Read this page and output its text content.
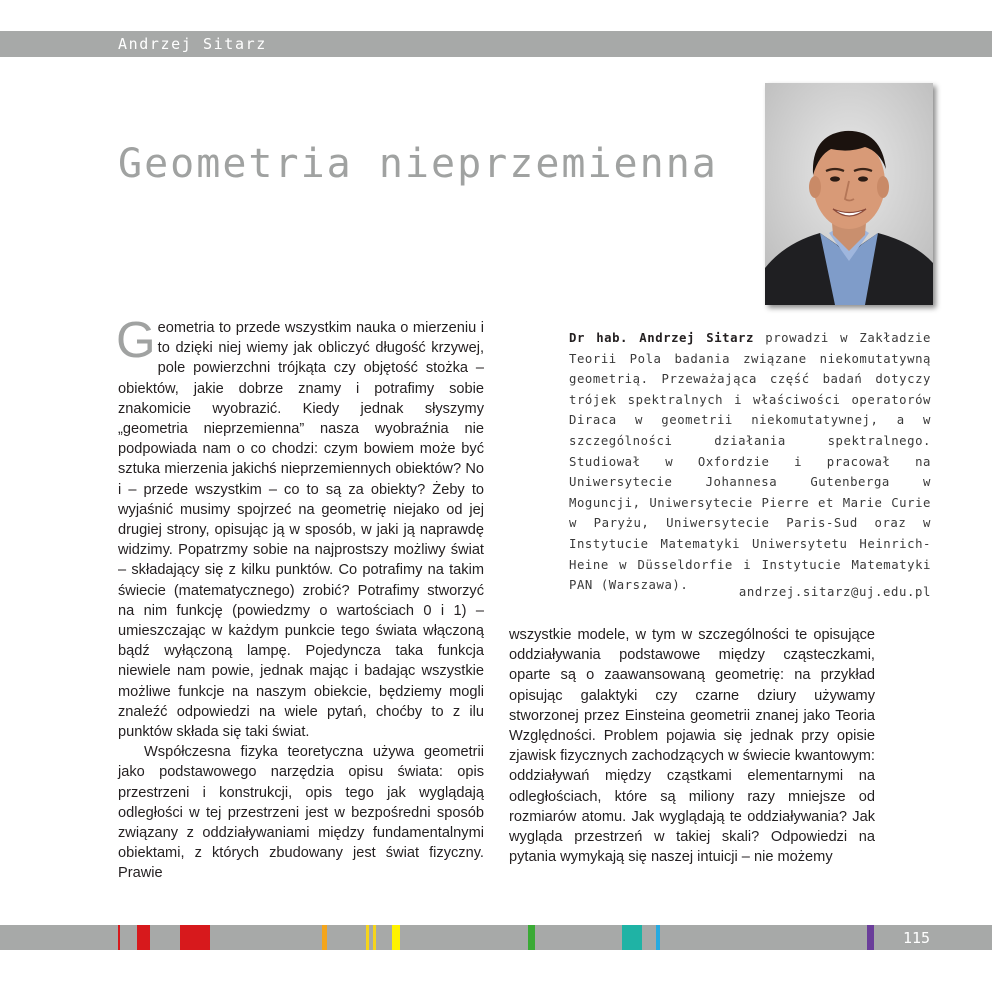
Andrzej Sitarz
Geometria nieprzemienna

Geometria to przede wszystkim nauka o mierzeniu i to dzięki niej wiemy jak obliczyć długość krzywej, pole powierzchni trójkąta czy objętość stożka – obiektów, jakie dobrze znamy i potrafimy sobie znakomicie wyobrazić. Kiedy jednak słyszymy „geometria nieprzemienna” nasza wyobraźnia nie podpowiada nam o co chodzi: czym bowiem może być sztuka mierzenia jakichś nieprzemiennych obiektów? No i – przede wszystkim – co to są za obiekty? Żeby to wyjaśnić musimy spojrzeć na geometrię niejako od jej drugiej strony, opisując ją w sposób, w jaki ją naprawdę widzimy. Popatrzmy sobie na najprostszy możliwy świat – składający się z kilku punktów. Co potrafimy na takim świecie (matematycznego) zrobić? Potrafimy stworzyć na nim funkcję (powiedzmy o wartościach 0 i 1) – umieszczając w każdym punkcie tego świata włączoną bądź wyłączoną lampę. Pojedyncza taka funkcja niewiele nam powie, jednak mając i badając wszystkie możliwe funkcje na naszym obiekcie, będziemy mogli znaleźć odpowiedzi na wiele pytań, choćby to z ilu punktów składa się taki świat.

Współczesna fizyka teoretyczna używa geometrii jako podstawowego narzędzia opisu świata: opis przestrzeni i konstrukcji, opis tego jak wyglądają odległości w tej przestrzeni jest w bezpośredni sposób związany z oddziaływaniami między fundamentalnymi obiektami, z których zbudowany jest świat fizyczny. Prawie

Dr hab. Andrzej Sitarz prowadzi w Zakładzie Teorii Pola badania związane niekomutatywną geometrią. Przeważająca część badań dotyczy trójek spektralnych i właściwości operatorów Diraca w geometrii niekomutatywnej, a w szczególności działania spektralnego. Studiował w Oxfordzie i pracował na Uniwersytecie Johannesa Gutenberga w Moguncji, Uniwersytecie Pierre et Marie Curie w Paryżu, Uniwersytecie Paris-Sud oraz w Instytucie Matematyki Uniwersytetu Heinrich-Heine w Düsseldorfie i Instytucie Matematyki PAN (Warszawa).	andrzej.sitarz@uj.edu.pl

wszystkie modele, w tym w szczególności te opisujące oddziaływania podstawowe między cząsteczkami, oparte są o zaawansowaną geometrię: na przykład opisując galaktyki czy czarne dziury używamy stworzonej przez Einsteina geometrii znanej jako Teoria Względności. Problem pojawia się jednak przy opisie zjawisk fizycznych zachodzących w świecie kwantowym: oddziaływań między cząstkami elementarnymi na odległościach, które są miliony razy mniejsze od rozmiarów atomu. Jak wyglądają te oddziaływania? Jak wygląda przestrzeń w takiej skali? Odpowiedzi na pytania wymykają się naszej intuicji – nie możemy

115
